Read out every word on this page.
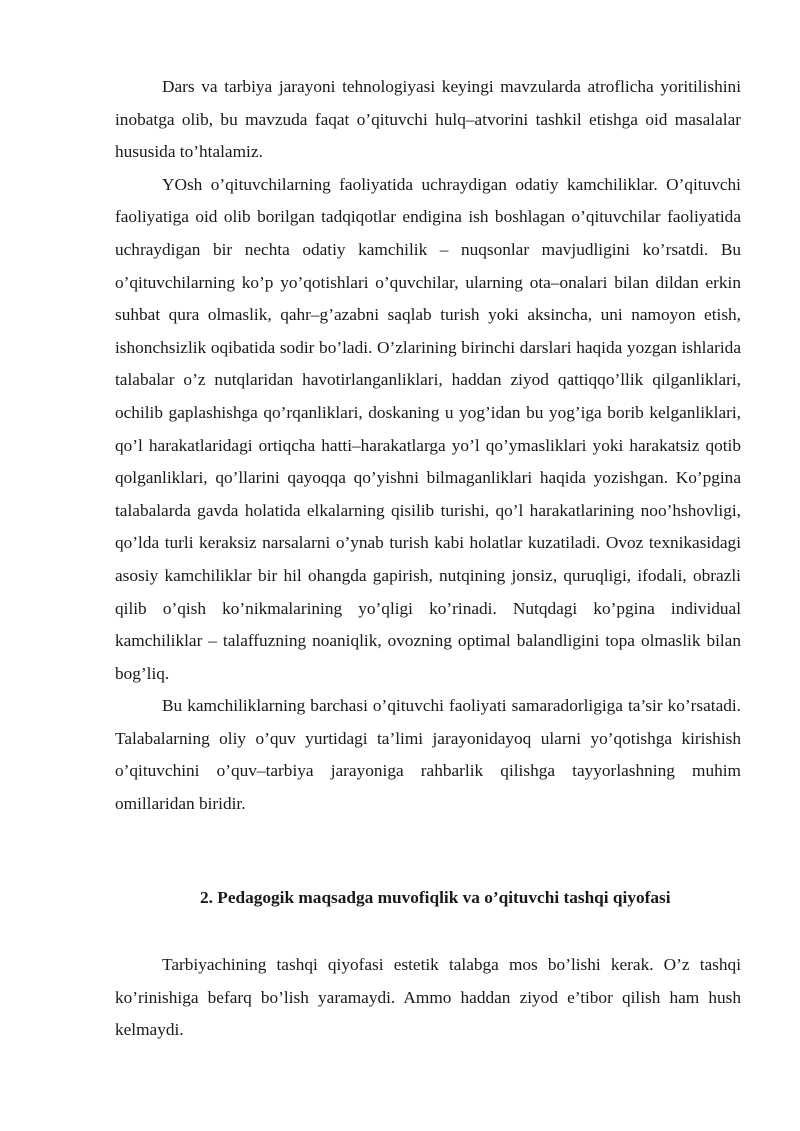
Dars va tarbiya jarayoni tehnologiyasi keyingi mavzularda atroflicha yoritilishini inobatga olib, bu mavzuda faqat o’qituvchi hulq–atvorini tashkil etishga oid masalalar hususida to’htalamiz.

YOsh o’qituvchilarning faoliyatida uchraydigan odatiy kamchiliklar. O’qituvchi faoliyatiga oid olib borilgan tadqiqotlar endigina ish boshlagan o’qituvchilar faoliyatida uchraydigan bir nechta odatiy kamchilik – nuqsonlar mavjudligini ko’rsatdi. Bu o’qituvchilarning ko’p yo’qotishlari o’quvchilar, ularning ota–onalari bilan dildan erkin suhbat qura olmaslik, qahr–g’azabni saqlab turish yoki aksincha, uni namoyon etish, ishonchsizlik oqibatida sodir bo’ladi. O’zlarining birinchi darslari haqida yozgan ishlarida talabalar o’z nutqlaridan havotirlanganliklari, haddan ziyod qattiqqo’llik qilganliklari, ochilib gaplashishga qo’rqanliklari, doskaning u yog’idan bu yog’iga borib kelganliklari, qo’l harakatlaridagi ortiqcha hatti–harakatlarga yo’l qo’ymasliklari yoki harakatsiz qotib qolganliklari, qo’llarini qayoqqa qo’yishni bilmaganliklari haqida yozishgan. Ko’pgina talabalarda gavda holatida elkalarning qisilib turishi, qo’l harakatlarining noo’hshovligi, qo’lda turli keraksiz narsalarni o’ynab turish kabi holatlar kuzatiladi. Ovoz texnikasidagi asosiy kamchiliklar bir hil ohangda gapirish, nutqining jonsiz, quruqligi, ifodali, obrazli qilib o’qish ko’nikmalarining yo’qligi ko’rinadi. Nutqdagi ko’pgina individual kamchiliklar – talaffuzning noaniqlik, ovozning optimal balandligini topa olmaslik bilan bog’liq.

Bu kamchiliklarning barchasi o’qituvchi faoliyati samaradorligiga ta’sir ko’rsatadi. Talabalarning oliy o’quv yurtidagi ta’limi jarayonidayoq ularni yo’qotishga kirishish o’qituvchini o’quv–tarbiya jarayoniga rahbarlik qilishga tayyorlashning muhim omillaridan biridir.

2. Pedagogik maqsadga muvofiqlik va o’qituvchi tashqi qiyofasi

Tarbiyachining tashqi qiyofasi estetik talabga mos bo’lishi kerak. O’z tashqi ko’rinishiga befarq bo’lish yaramaydi. Ammo haddan ziyod e’tibor qilish ham hush kelmaydi.
